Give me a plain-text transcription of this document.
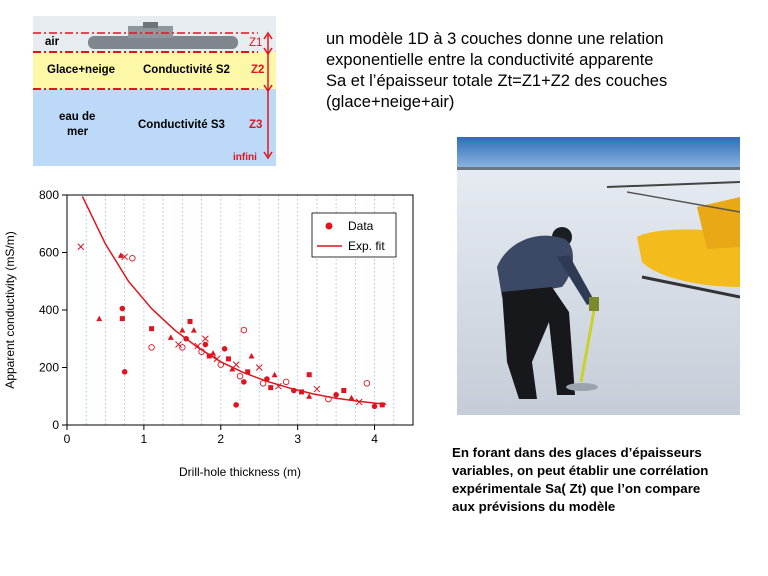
air	Z1
Glace+neige Conductivité S2 Z2
eau de
mer
Conductivité S3 Z3
infini
un modèle 1D à 3 couches donne une relation
exponentielle entre la conductivité apparente
Sa et l’épaisseur totale Zt=Z1+Z2 des couches
(glace+neige+air)
0	1	2	3	4
0
200
400
600
800
Data
Exp. fit
Drill-hole thickness (m)
Apparent conductivity (mS/m)
En forant dans des glaces d’épaisseurs
variables, on peut établir une corrélation
expérimentale Sa( Zt) que l’on compare
aux prévisions du modèle
